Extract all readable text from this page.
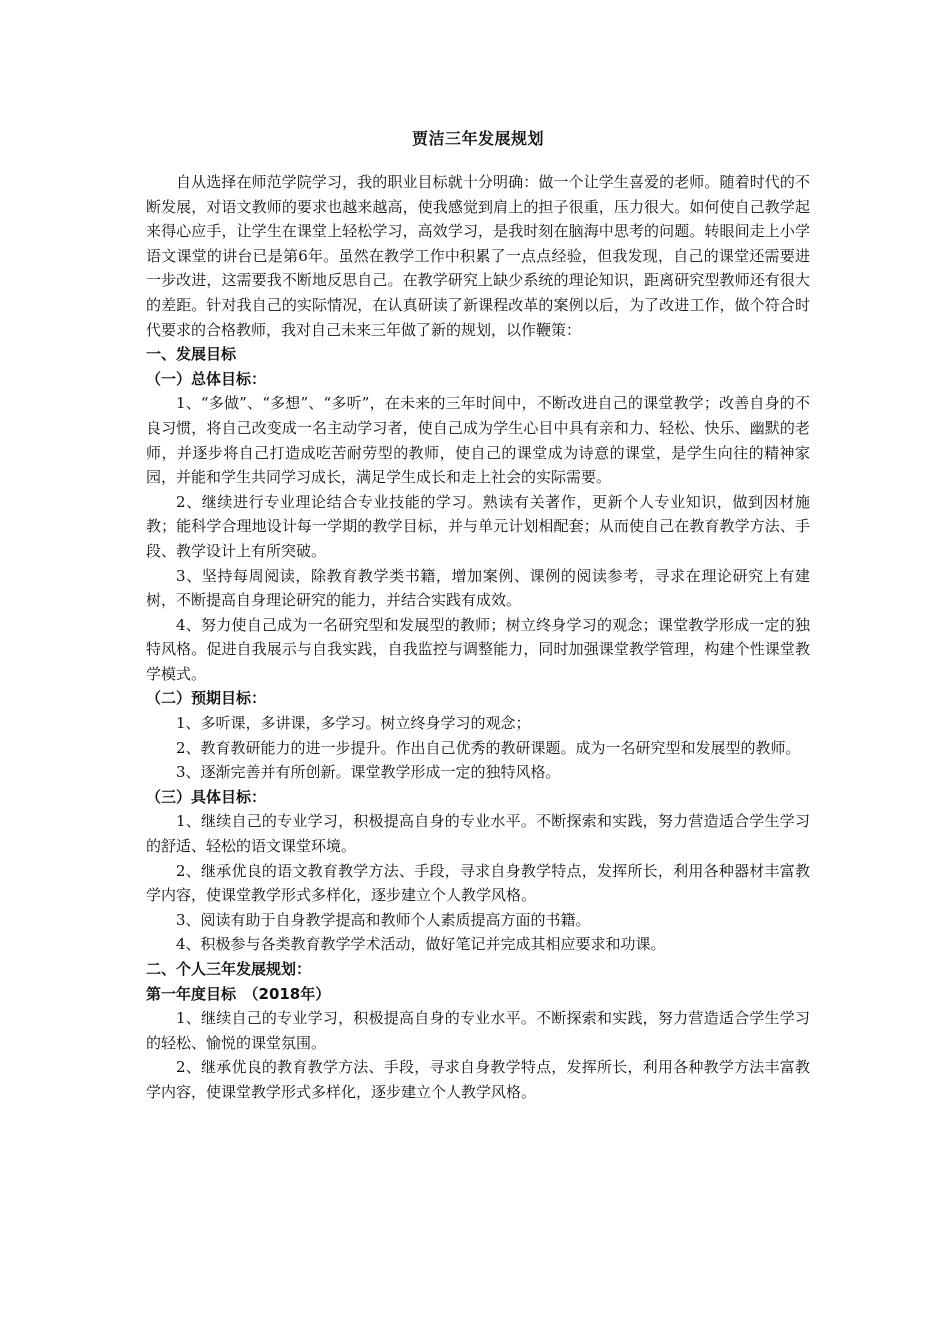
贾洁三年发展规划

自从选择在师范学院学习，我的职业目标就十分明确：做一个让学生喜爱的老师。随着时代的不断发展，对语文教师的要求也越来越高，使我感觉到肩上的担子很重，压力很大。如何使自己教学起来得心应手，让学生在课堂上轻松学习，高效学习，是我时刻在脑海中思考的问题。转眼间走上小学语文课堂的讲台已是第6年。虽然在教学工作中积累了一点点经验，但我发现，自己的课堂还需要进一步改进，这需要我不断地反思自己。在教学研究上缺少系统的理论知识，距离研究型教师还有很大的差距。针对我自己的实际情况，在认真研读了新课程改革的案例以后，为了改进工作，做个符合时代要求的合格教师，我对自己未来三年做了新的规划，以作鞭策：

一、发展目标
（一）总体目标：

1、“多做”、“多想”、“多听”，在未来的三年时间中，不断改进自己的课堂教学；改善自身的不良习惯，将自己改变成一名主动学习者，使自己成为学生心目中具有亲和力、轻松、快乐、幽默的老师，并逐步将自己打造成吃苦耐劳型的教师，使自己的课堂成为诗意的课堂，是学生向往的精神家园，并能和学生共同学习成长，满足学生成长和走上社会的实际需要。

2、继续进行专业理论结合专业技能的学习。熟读有关著作，更新个人专业知识，做到因材施教；能科学合理地设计每一学期的教学目标，并与单元计划相配套；从而使自己在教育教学方法、手段、教学设计上有所突破。

3、坚持每周阅读，除教育教学类书籍，增加案例、课例的阅读参考，寻求在理论研究上有建树，不断提高自身理论研究的能力，并结合实践有成效。

4、努力使自己成为一名研究型和发展型的教师；树立终身学习的观念；课堂教学形成一定的独特风格。促进自我展示与自我实践，自我监控与调整能力，同时加强课堂教学管理，构建个性课堂教学模式。

（二）预期目标：

1、多听课，多讲课，多学习。树立终身学习的观念；

2、教育教研能力的进一步提升。作出自己优秀的教研课题。成为一名研究型和发展型的教师。

3、逐渐完善并有所创新。课堂教学形成一定的独特风格。

（三）具体目标：

1、继续自己的专业学习，积极提高自身的专业水平。不断探索和实践，努力营造适合学生学习的舒适、轻松的语文课堂环境。

2、继承优良的语文教育教学方法、手段，寻求自身教学特点，发挥所长，利用各种器材丰富教学内容，使课堂教学形式多样化，逐步建立个人教学风格。

3、阅读有助于自身教学提高和教师个人素质提高方面的书籍。

4、积极参与各类教育教学学术活动，做好笔记并完成其相应要求和功课。

二、个人三年发展规划：
第一年度目标　（2018年）

1、继续自己的专业学习，积极提高自身的专业水平。不断探索和实践，努力营造适合学生学习的轻松、愉悦的课堂氛围。

2、继承优良的教育教学方法、手段，寻求自身教学特点，发挥所长，利用各种教学方法丰富教学内容，使课堂教学形式多样化，逐步建立个人教学风格。
